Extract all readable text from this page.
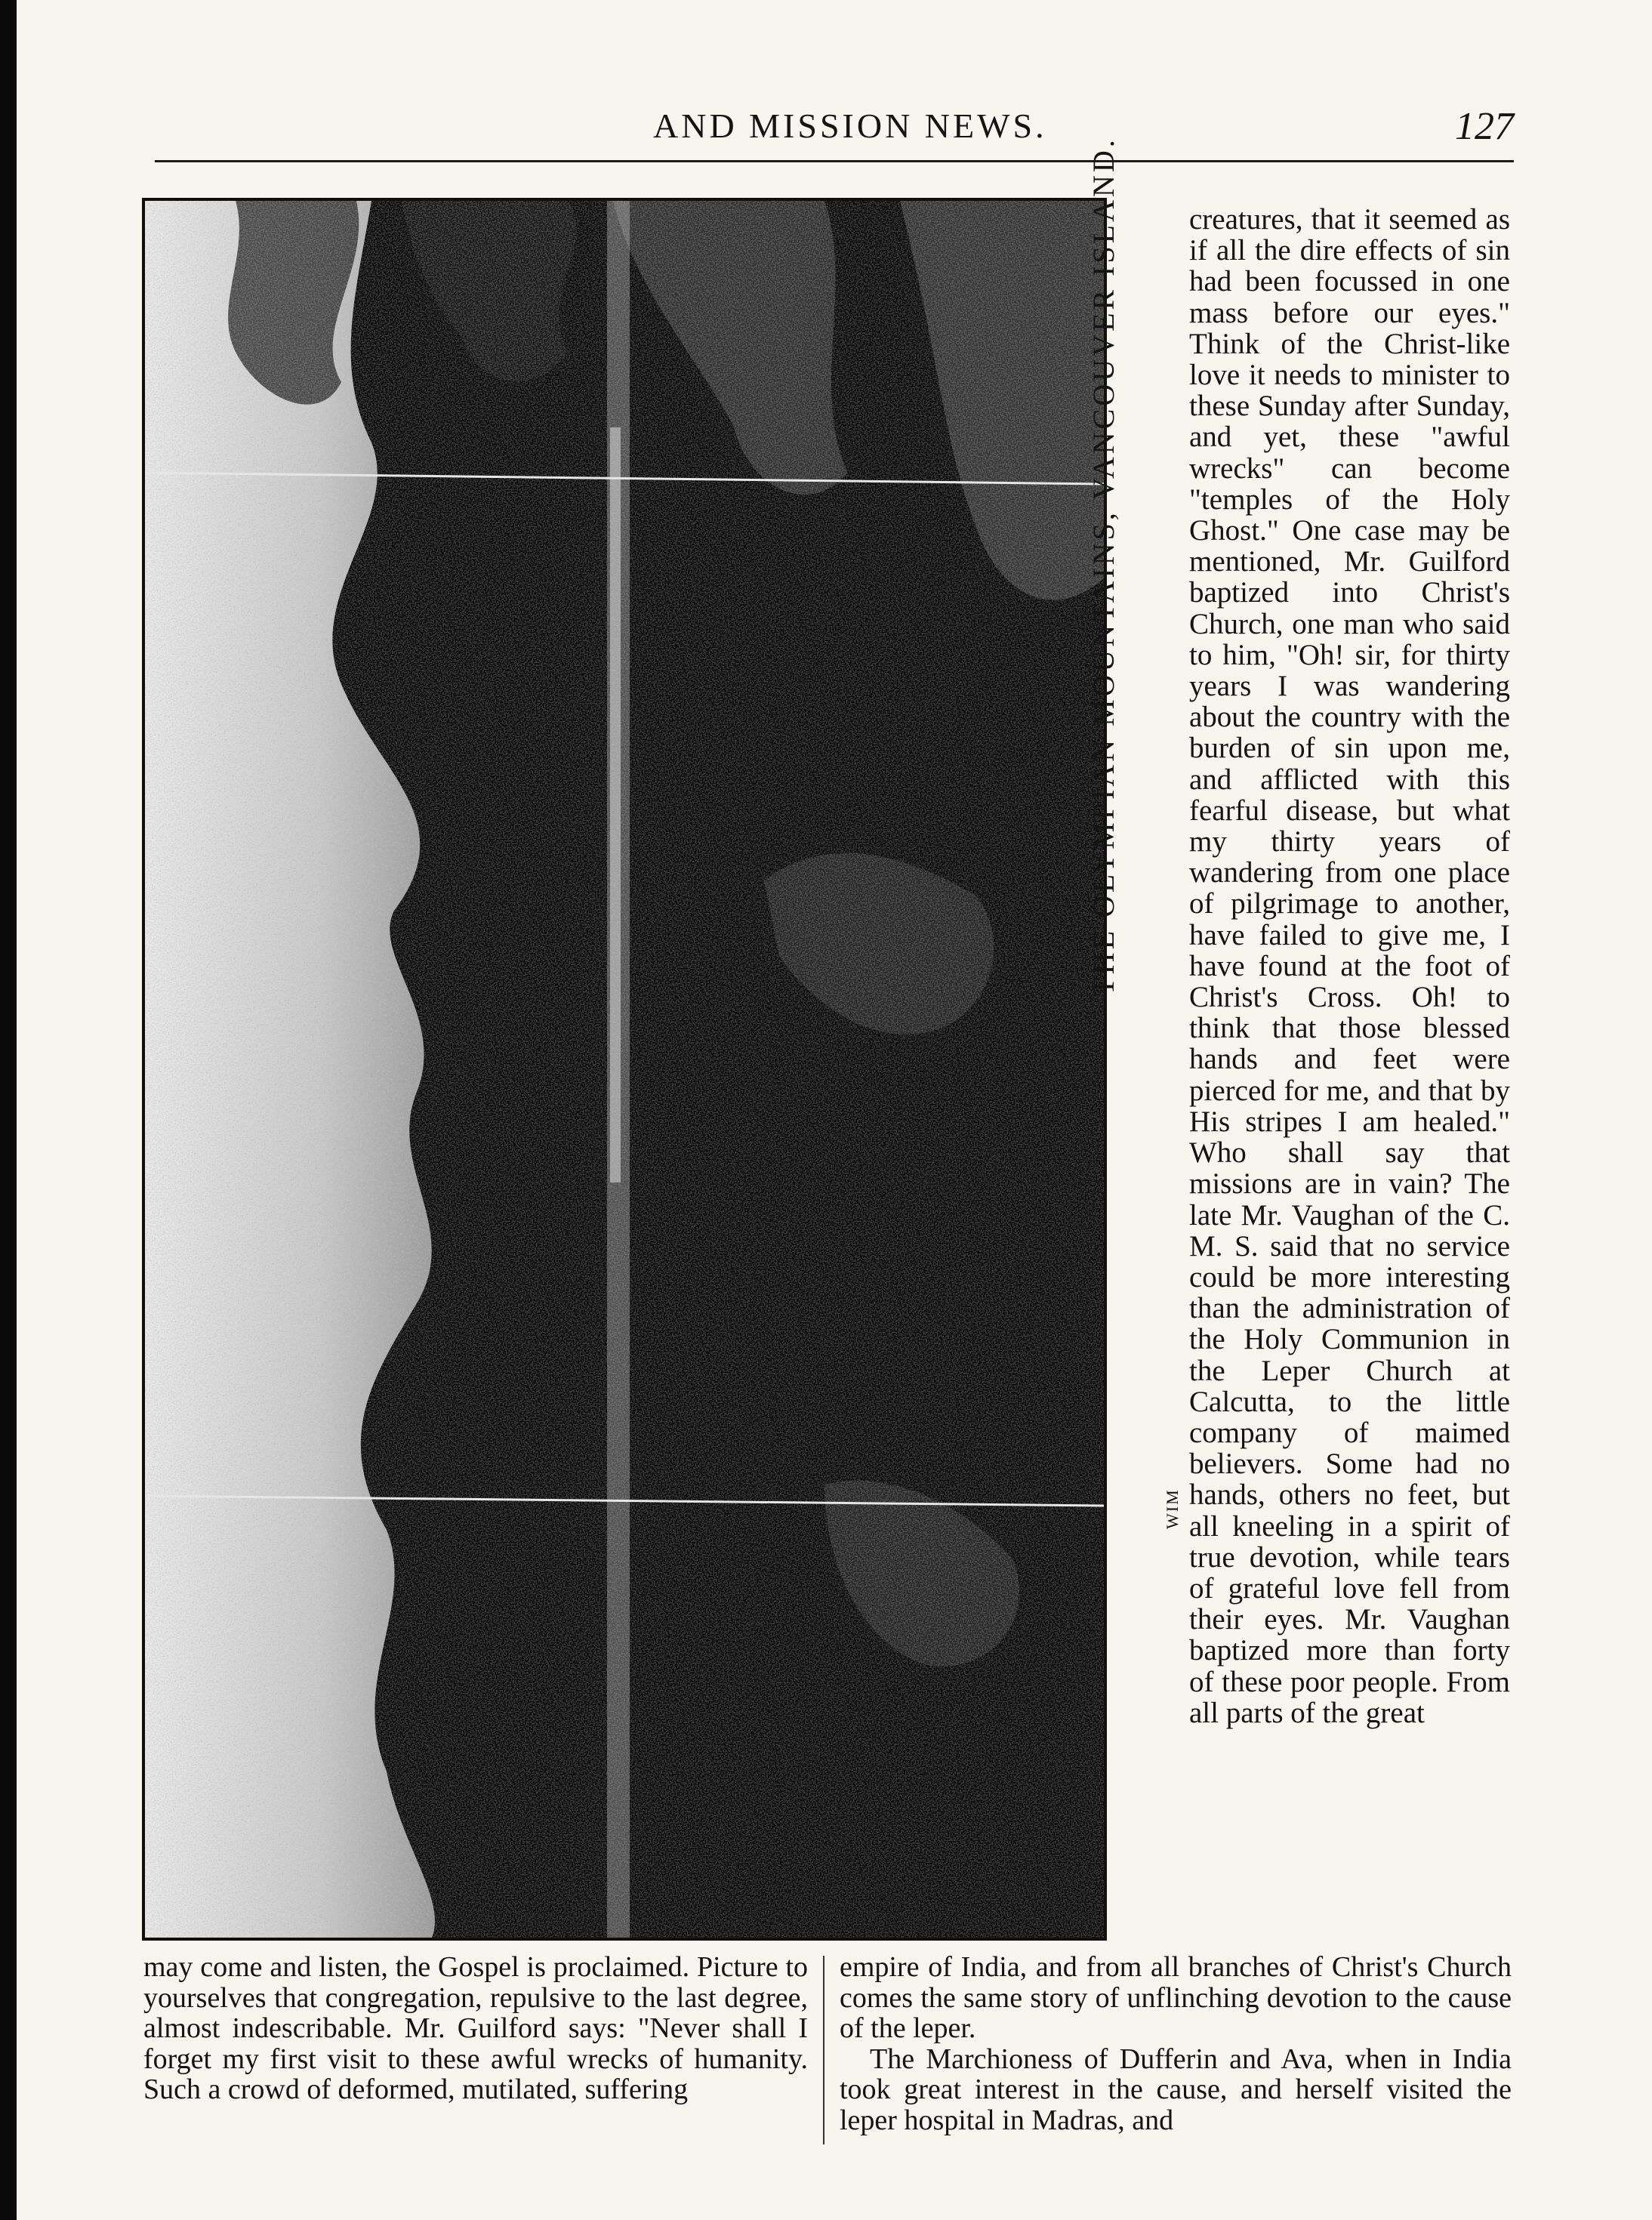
AND MISSION NEWS.	127
THE OLYMPIAN MOUNTAINS, VANCOUVER ISLAND.
WIM

creatures, that it seemed as if all the dire effects of sin had been focussed in one mass before our eyes." Think of the Christ-like love it needs to minister to these Sunday after Sunday, and yet, these "awful wrecks" can become "temples of the Holy Ghost." One case may be mentioned, Mr. Guilford baptized into Christ's Church, one man who said to him, "Oh! sir, for thirty years I was wandering about the country with the burden of sin upon me, and afflicted with this fearful disease, but what my thirty years of wandering from one place of pilgrimage to another, have failed to give me, I have found at the foot of Christ's Cross. Oh! to think that those blessed hands and feet were pierced for me, and that by His stripes I am healed." Who shall say that missions are in vain? The late Mr. Vaughan of the C. M. S. said that no service could be more interesting than the administration of the Holy Communion in the Leper Church at Calcutta, to the little company of maimed believers. Some had no hands, others no feet, but all kneeling in a spirit of true devotion, while tears of grateful love fell from their eyes. Mr. Vaughan baptized more than forty of these poor people. From all parts of the great

may come and listen, the Gospel is proclaimed. Picture to yourselves that congregation, repulsive to the last degree, almost indescribable. Mr. Guilford says: "Never shall I forget my first visit to these awful wrecks of humanity. Such a crowd of deformed, mutilated, suffering

empire of India, and from all branches of Christ's Church comes the same story of unflinching devotion to the cause of the leper.

The Marchioness of Dufferin and Ava, when in India took great interest in the cause, and herself visited the leper hospital in Madras, and
